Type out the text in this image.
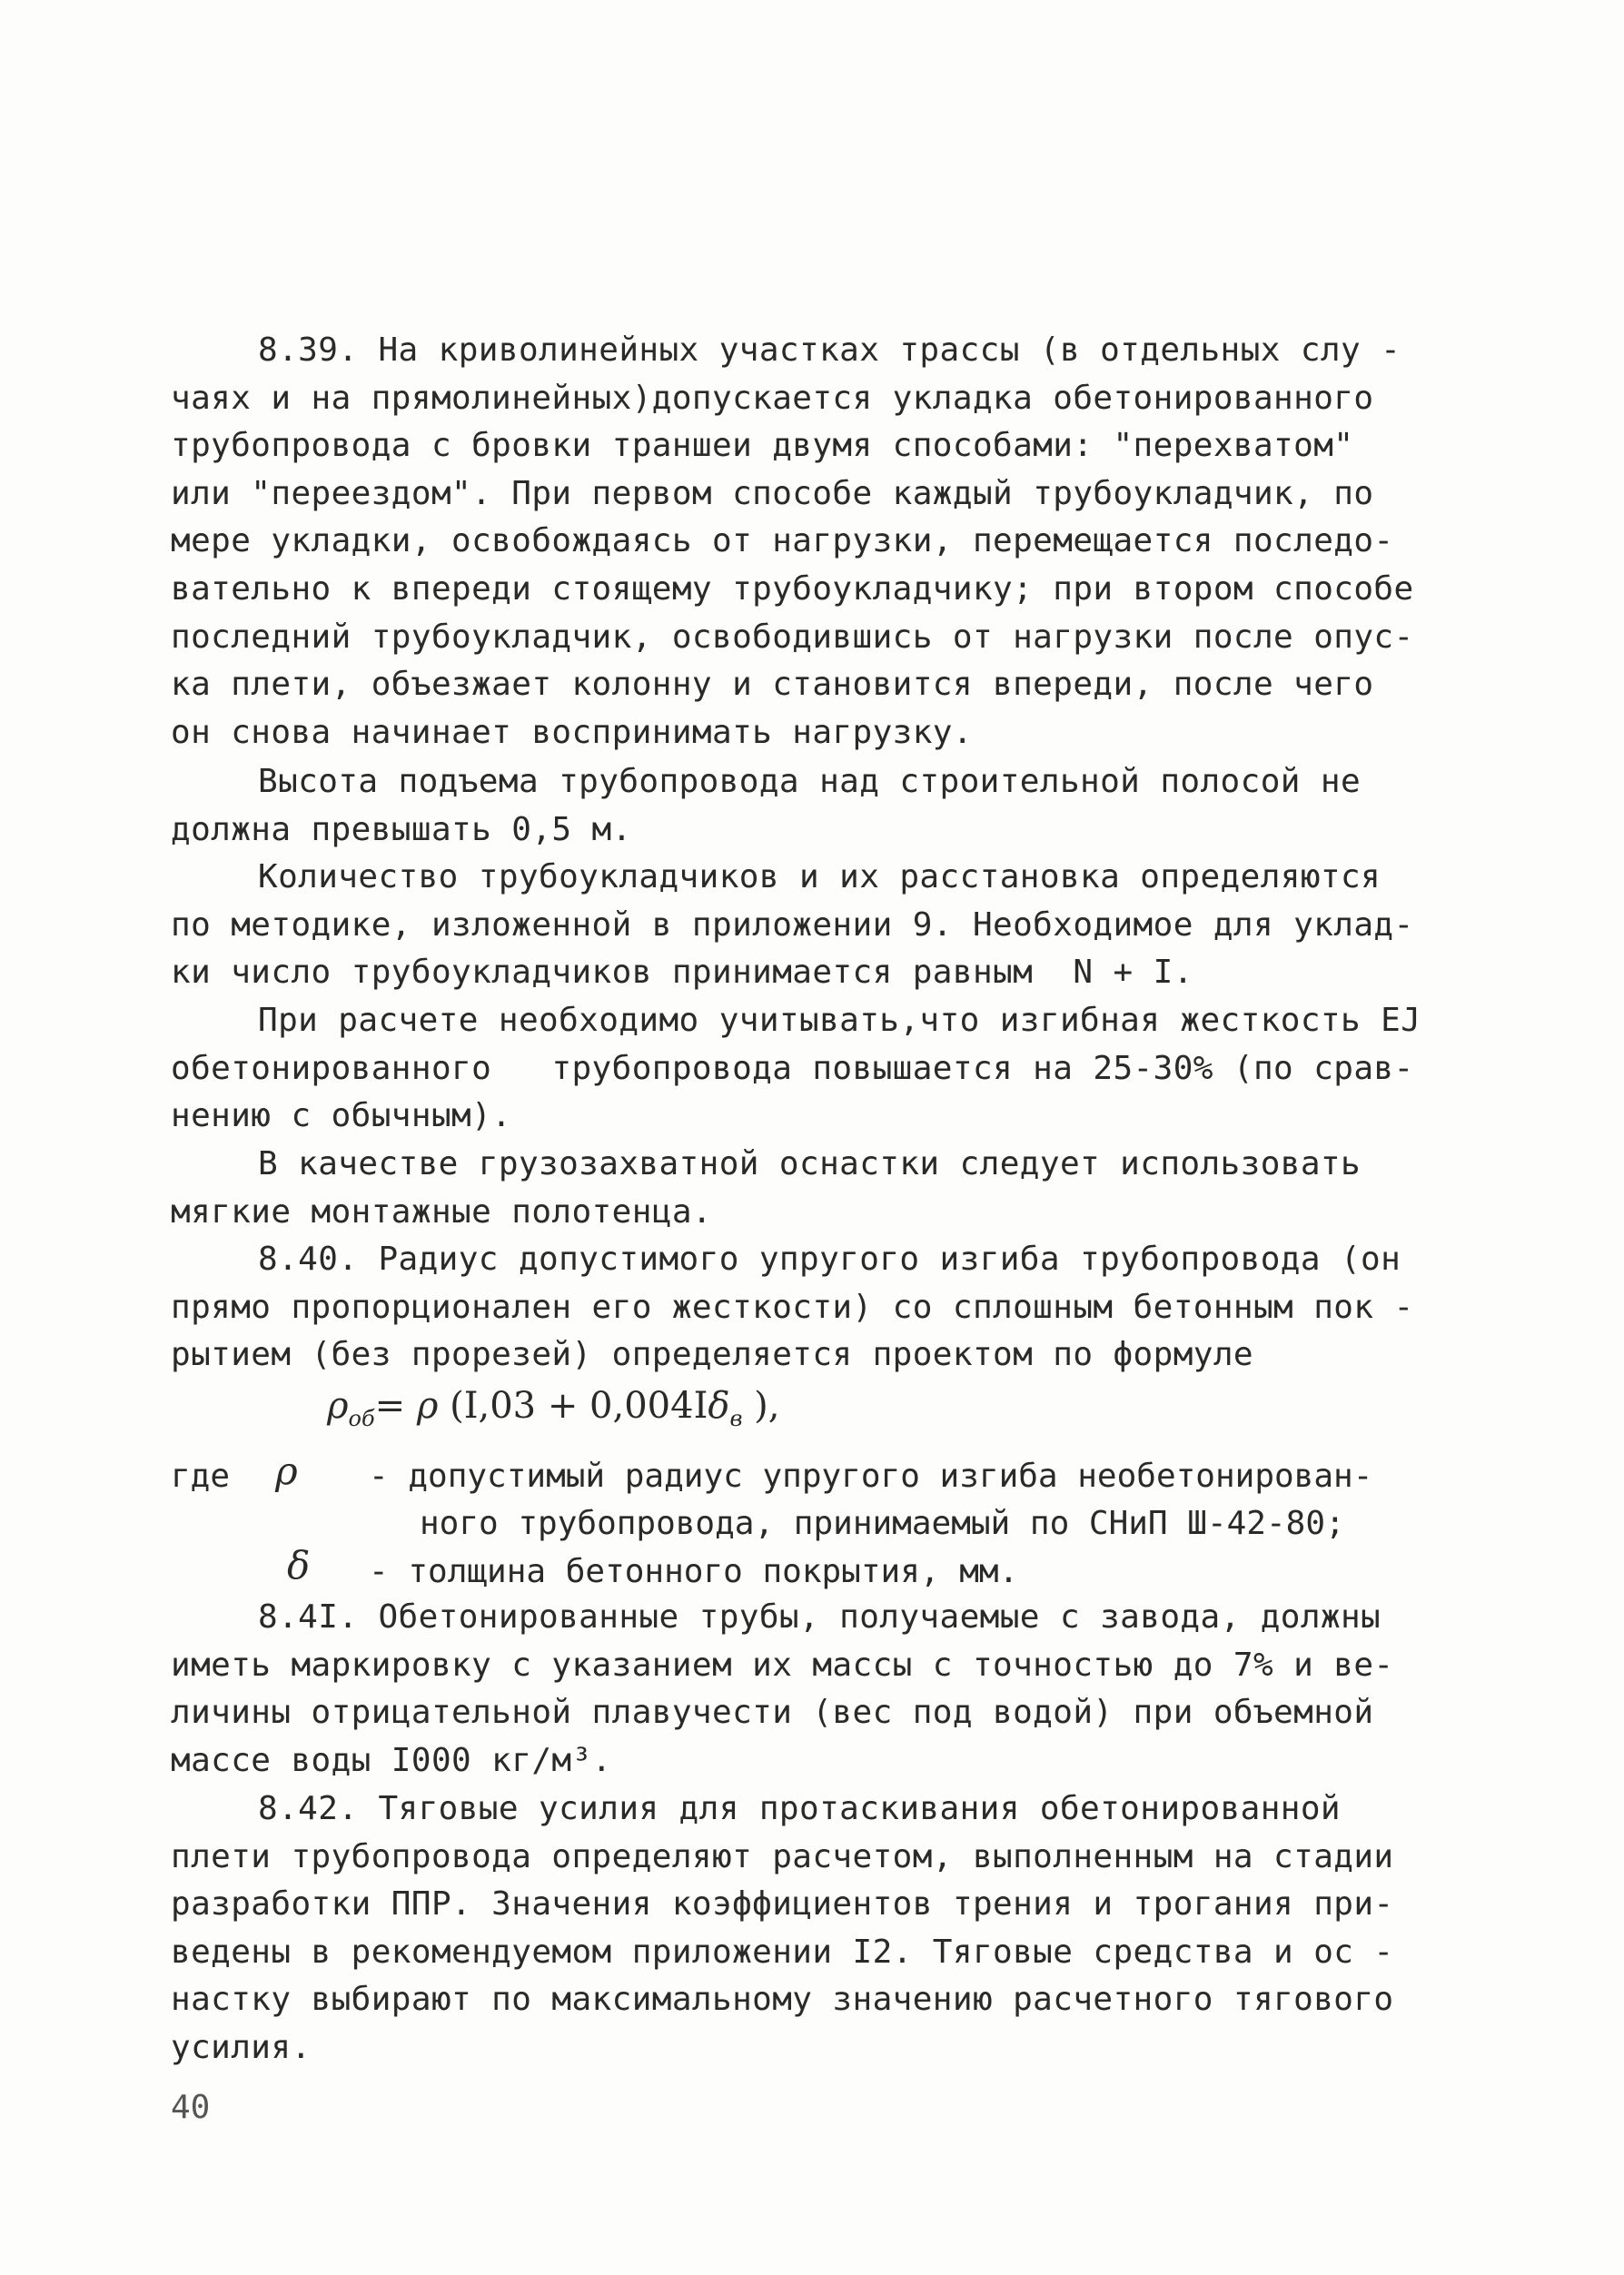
8.39. На криволинейных участках трассы (в отдельных слу -
чаях и на прямолинейных)допускается укладка обетонированного
трубопровода с бровки траншеи двумя способами: "перехватом"
или "переездом". При первом способе каждый трубоукладчик, по
мере укладки, освобождаясь от нагрузки, перемещается последо-
вательно к впереди стоящему трубоукладчику; при втором способе
последний трубоукладчик, освободившись от нагрузки после опус-
ка плети, объезжает колонну и становится впереди, после чего
он снова начинает воспринимать нагрузку.
Высота подъема трубопровода над строительной полосой не
должна превышать 0,5 м.
Количество трубоукладчиков и их расстановка определяются
по методике, изложенной в приложении 9. Необходимое для уклад-
ки число трубоукладчиков принимается равным  N + I.
При расчете необходимо учитывать,что изгибная жесткость EJ
обетонированного   трубопровода повышается на 25-30% (по срав-
нению с обычным).
В качестве грузозахватной оснастки следует использовать
мягкие монтажные полотенца.
8.40. Радиус допустимого упругого изгиба трубопровода (он
прямо пропорционален его жесткости) со сплошным бетонным пок -
рытием (без прорезей) определяется проектом по формуле
$\rho_{об}= \rho$ ($I,03 + 0,004I\delta_в$ ),

где

ρ

- допустимый радиус упругого изгиба необетонирован-

ного трубопровода, принимаемый по СНиП Ш-42-80;

δ

- толщина бетонного покрытия, мм.

8.4I. Обетонированные трубы, получаемые с завода, должны
иметь маркировку с указанием их массы с точностью до 7% и ве-
личины отрицательной плавучести (вес под водой) при объемной
массе воды I000 кг/м³.
8.42. Тяговые усилия для протаскивания обетонированной
плети трубопровода определяют расчетом, выполненным на стадии
разработки ППР. Значения коэффициентов трения и трогания при-
ведены в рекомендуемом приложении I2. Тяговые средства и ос -
настку выбирают по максимальному значению расчетного тягового
усилия.
40
